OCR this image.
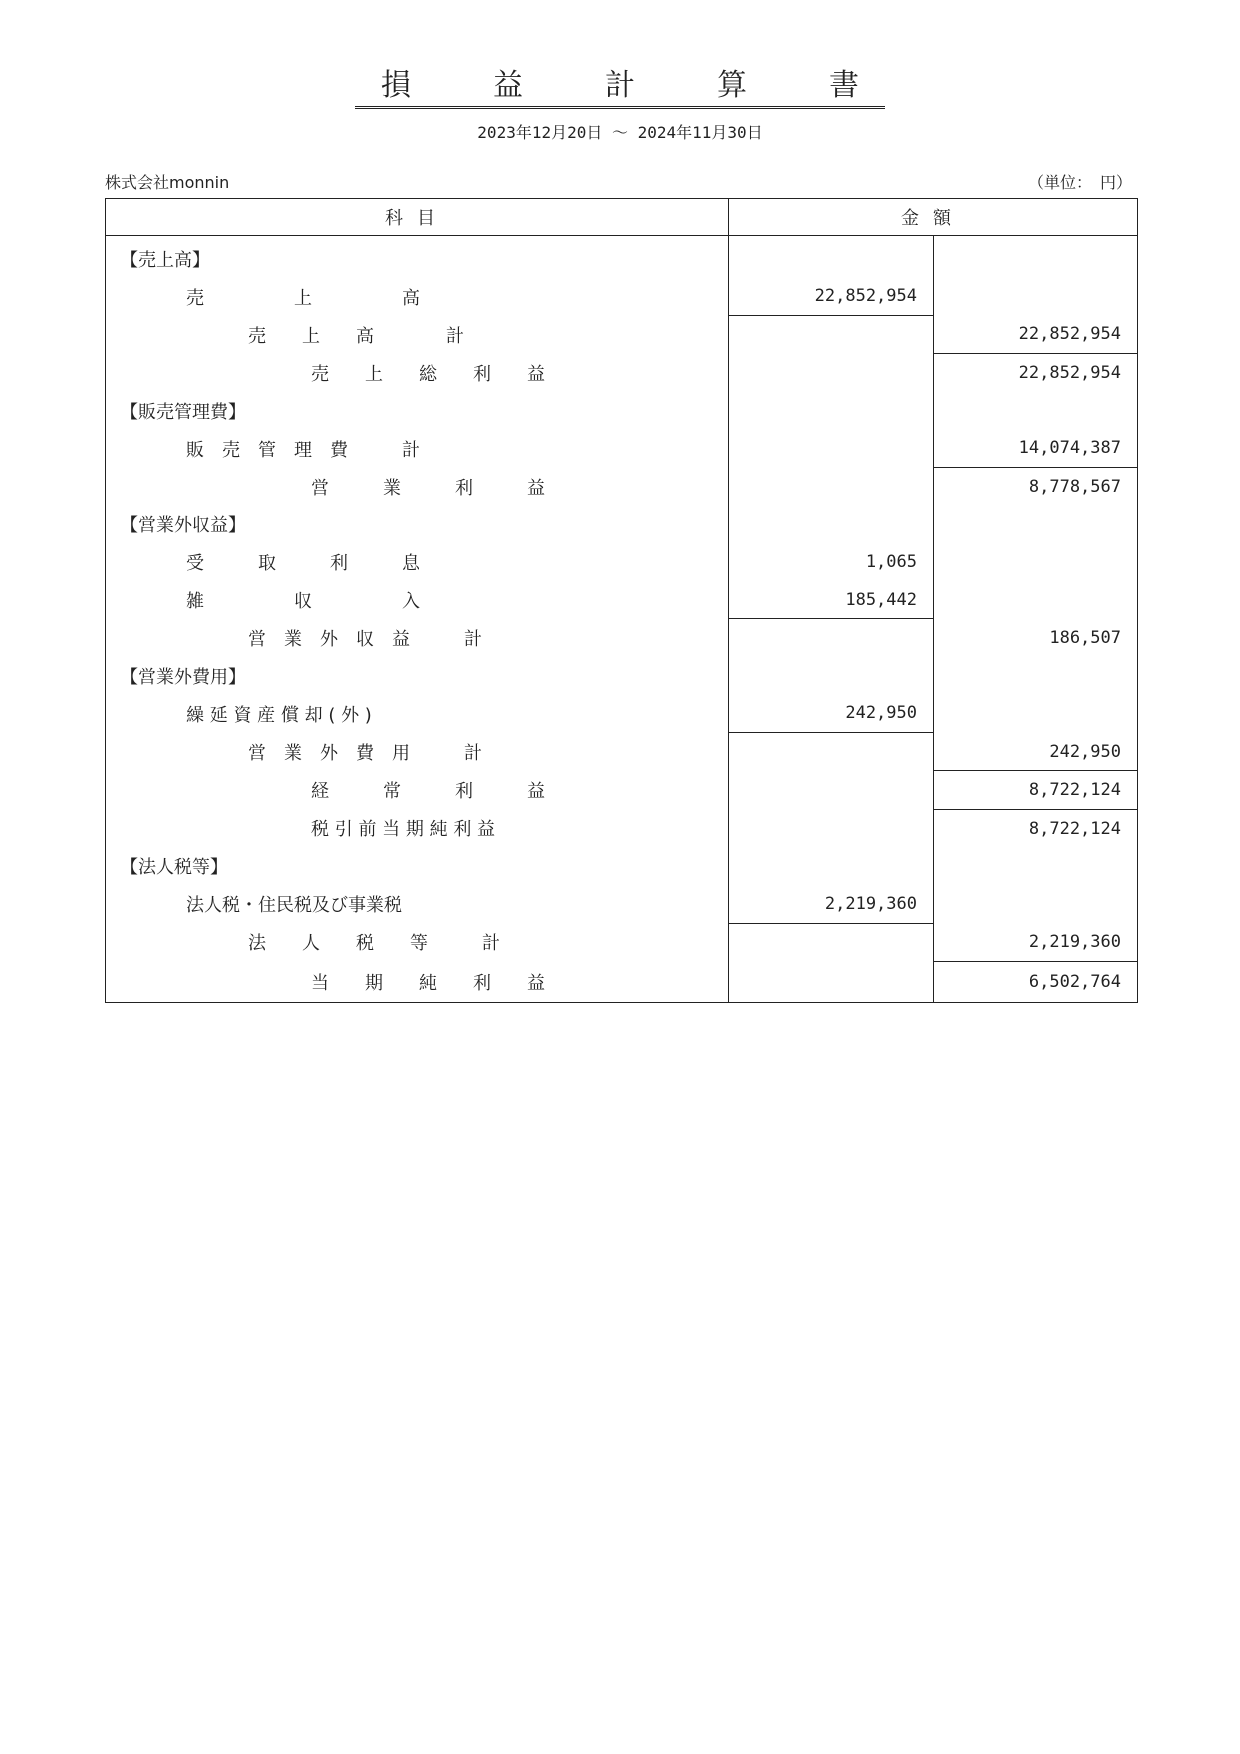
損　益　計　算　書
2023年12月20日 〜 2024年11月30日
株式会社monnin	（単位：　円）
科目	金額	
【売上高】		
売　　　　　上　　　　　高	22,852,954	
売　　上　　高　　　　計		22,852,954
売　　上　　総　　利　　益		22,852,954
【販売管理費】		
販　売　管　理　費　　　計		14,074,387
営　　　業　　　利　　　益		8,778,567
【営業外収益】		
受　　　取　　　利　　　息	1,065	
雑　　　　　収　　　　　入	185,442	
営　業　外　収　益　　　計		186,507
【営業外費用】		
繰 延 資 産 償 却 ( 外 )	242,950	
営　業　外　費　用　　　計		242,950
経　　　常　　　利　　　益		8,722,124
税 引 前 当 期 純 利 益		8,722,124
【法人税等】		
法人税・住民税及び事業税	2,219,360	
法　　人　　税　　等　　　計		2,219,360
当　　期　　純　　利　　益		6,502,764
